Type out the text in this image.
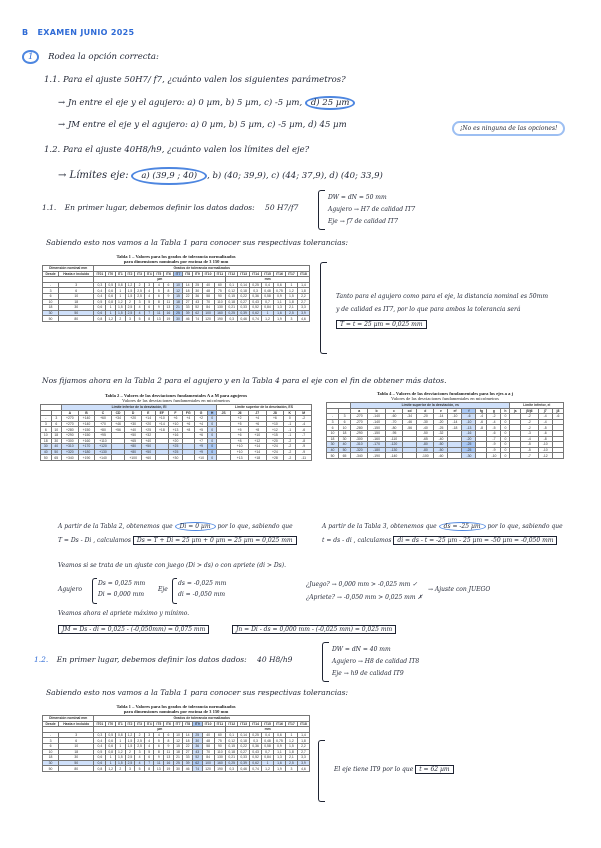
B EXAMEN JUNIO 2025
1 Rodea la opción correcta:
1.1. Para el ajuste 50H7/ f7, ¿cuánto valen los siguientes parámetros?
→ Jn entre el eje y el agujero: a) 0 µm, b) 5 µm, c) -5 µm, d) 25 µm
→ JM entre el eje y el agujero: a) 0 µm, b) 5 µm, c) -5 µm, d) 45 µm	¡No es ninguna de las opciones!
1.2. Para el ajuste 40H8/h9, ¿cuánto valen los límites del eje?
→ Límites eje: a) (39,9 ; 40) , b) (40; 39,9), c) (44; 37,9), d) (40; 33,9)
1.1. En primer lugar, debemos definir los datos dados: 50 H7/f7
DW = dN = 50 mm
Agujero → H7 de calidad IT7
Eje → f7 de calidad IT7
Sabiendo esto nos vamos a la Tabla 1 para conocer sus respectivas tolerancias:
Tabla 1 – Valores para los grados de tolerancia normalizados
para dimensiones nominales por encima de 3 150 mm
Dimensión nominal mm		Grados de tolerancia normalizados																			
Desde	Hasta e incluido	IT01	IT0	IT1	IT2	IT3	IT4	IT5	IT6	IT7	IT8	IT9	IT10	IT11	IT12	IT13	IT14	IT15	IT16	IT17	IT18
		µm													mm						
-	3	0,3	0,5	0,8	1,2	2	3	4	6	10	14	25	40	60	0,1	0,14	0,25	0,4	0,6	1	1,4
3	6	0,4	0,6	1	1,5	2,5	4	5	8	12	18	30	48	75	0,12	0,18	0,3	0,48	0,75	1,2	1,8
6	10	0,4	0,6	1	1,5	2,5	4	6	9	15	22	36	58	90	0,15	0,22	0,36	0,58	0,9	1,5	2,2
10	18	0,5	0,8	1,2	2	3	5	8	11	18	27	43	70	110	0,18	0,27	0,43	0,7	1,1	1,8	2,7
18	30	0,6	1	1,5	2,5	4	6	9	13	21	33	52	84	130	0,21	0,33	0,52	0,84	1,3	2,1	3,3
30	50	0,6	1	1,5	2,5	4	7	11	16	25	39	62	100	160	0,25	0,39	0,62	1	1,6	2,5	3,9
50	80	0,8	1,2	2	3	5	8	13	19	30	46	74	120	190	0,3	0,46	0,74	1,2	1,9	3	4,6
Tanto para el agujero como para el eje, la distancia nominal es 50mm
y de calidad es IT7, por lo que para ambos la tolerancia será
T = t = 25 µm = 0,025 mm
Nos fijamos ahora en la Tabla 2 para el agujero y en la Tabla 4 para el eje con el fin de obtener más datos.
Tabla 2 – Valores de las desviaciones fundamentales A a M para agujeros
Valores de las desviaciones fundamentales en micrómetros
		Límite inferior de la desviación, EI											Límite superior de la desviación, ES					
		A	B	C	CD	D	E	EF	F	FG	G	H	JS	J6	J7	J8	K	M
-	3	+270	+140	+60	+34	+20	+14	+10	+6	+4	+2	0		+2	+4	+6	0	-2
3	6	+270	+140	+70	+46	+30	+20	+14	+10	+6	+4	0		+5	+6	+10	-1	-4
6	10	+280	+150	+80	+56	+40	+25	+18	+13	+8	+5	0		+5	+8	+12	-1	-6
10	18	+290	+150	+95		+50	+32		+16		+6	0		+6	+10	+15	-1	-7
18	30	+300	+160	+110		+65	+40		+20		+7	0		+8	+12	+20	-2	-8
30	40	+310	+170	+120		+80	+50		+25		+9	0		+10	+14	+24	-2	-9
40	50	+320	+180	+130		+80	+50		+25		+9	0		+10	+14	+24	-2	-9
50	65	+340	+190	+140		+100	+60		+30		+10	0		+13	+18	+28	-2	-11
Tabla 4 – Valores de las desviaciones fundamentales para los ejes a a j
Valores de las desviaciones fundamentales en micrómetros
		Límite superior de la desviación, es											Límite inferior, ei			
		a	b	c	cd	d	e	ef	f	fg	g	h	js	j5/j6	j7	j8
-	3	-270	-140	-60	-34	-20	-14	-10	-6	-4	-2	0		-2	-4	-6
3	6	-270	-140	-70	-46	-30	-20	-14	-10	-6	-4	0		-2	-4	
6	10	-280	-150	-80	-56	-40	-25	-18	-13	-8	-5	0		-2	-5	
10	18	-290	-150	-95		-50	-32		-16		-6	0		-3	-6	
18	30	-300	-160	-110		-65	-40		-20		-7	0		-4	-8	
30	40	-310	-170	-120		-80	-50		-25		-9	0		-5	-10	
40	50	-320	-180	-130		-80	-50		-25		-9	0		-5	-10	
50	65	-340	-190	-140		-100	-60		-30		-10	0		-7	-12	
A partir de la Tabla 2, obtenemos que Di = 0 µm por lo que, sabiendo que
T = Ds - Di , calculamos Ds = T + Di = 25 µm + 0 µm = 25 µm = 0,025 mm
A partir de la Tabla 3, obtenemos que ds = -25 µm por lo que, sabiendo que
t = ds - di , calculamos di = ds - t = -25 µm - 25 µm = -50 µm = -0,050 mm
Veamos si se trata de un ajuste con juego (Di > ds) o con apriete (di > Ds).
Agujero
Ds = 0,025 mm
Di = 0,000 mm
Eje
ds = -0,025 mm
di = -0,050 mm
¿Juego? → 0,000 mm > -0,025 mm ✓
¿Apriete? → -0,050 mm > 0,025 mm ✗
→ Ajuste con JUEGO
Veamos ahora el apriete máximo y mínimo.
JM = Ds - di = 0,025 - (-0,050mm) = 0,075 mm	Jn = Di - ds = 0,000 mm - (-0,025 mm) = 0,025 mm
1.2. En primer lugar, debemos definir los datos dados: 40 H8/h9
DW = dN = 40 mm
Agujero → H8 de calidad IT8
Eje → h9 de calidad IT9
Sabiendo esto nos vamos a la Tabla 1 para conocer sus respectivas tolerancias:
Tabla 1 – Valores para los grados de tolerancia normalizados
para dimensiones nominales por encima de 3 150 mm
Dimensión nominal mm		Grados de tolerancia normalizados																			
Desde	Hasta e incluido	IT01	IT0	IT1	IT2	IT3	IT4	IT5	IT6	IT7	IT8	IT9	IT10	IT11	IT12	IT13	IT14	IT15	IT16	IT17	IT18
		µm													mm						
-	3	0,3	0,5	0,8	1,2	2	3	4	6	10	14	25	40	60	0,1	0,14	0,25	0,4	0,6	1	1,4
3	6	0,4	0,6	1	1,5	2,5	4	5	8	12	18	30	48	75	0,12	0,18	0,3	0,48	0,75	1,2	1,8
6	10	0,4	0,6	1	1,5	2,5	4	6	9	15	22	36	58	90	0,15	0,22	0,36	0,58	0,9	1,5	2,2
10	18	0,5	0,8	1,2	2	3	5	8	11	18	27	43	70	110	0,18	0,27	0,43	0,7	1,1	1,8	2,7
18	30	0,6	1	1,5	2,5	4	6	9	13	21	33	52	84	130	0,21	0,33	0,52	0,84	1,3	2,1	3,3
30	50	0,6	1	1,5	2,5	4	7	11	16	25	39	62	100	160	0,25	0,39	0,62	1	1,6	2,5	3,9
50	80	0,8	1,2	2	3	5	8	13	19	30	46	74	120	190	0,3	0,46	0,74	1,2	1,9	3	4,6	El eje tiene IT9 por lo que t = 62 µm
